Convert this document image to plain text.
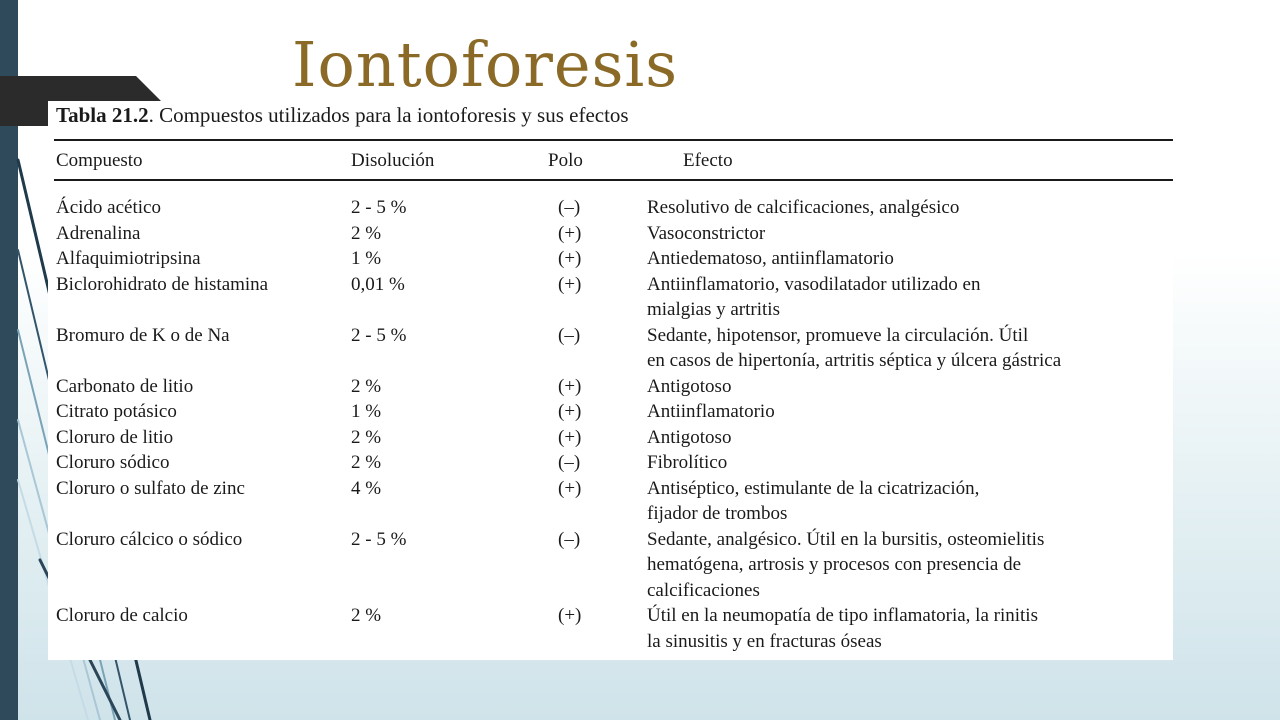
Iontoforesis

Tabla 21.2. Compuestos utilizados para la iontoforesis y sus efectos

Compuesto	Disolución	Polo	Efecto
Ácido acético	2 - 5 %	(–)	Resolutivo de calcificaciones, analgésico
Adrenalina	2 %	(+)	Vasoconstrictor
Alfaquimiotripsina	1 %	(+)	Antiedematoso, antiinflamatorio
Biclorohidrato de histamina	0,01 %	(+)	Antiinflamatorio, vasodilatador utilizado en
mialgias y artritis
Bromuro de K o de Na	2 - 5 %	(–)	Sedante, hipotensor, promueve la circulación. Útil
en casos de hipertonía, artritis séptica y úlcera gástrica
Carbonato de litio	2 %	(+)	Antigotoso
Citrato potásico	1 %	(+)	Antiinflamatorio
Cloruro de litio	2 %	(+)	Antigotoso
Cloruro sódico	2 %	(–)	Fibrolítico
Cloruro o sulfato de zinc	4 %	(+)	Antiséptico, estimulante de la cicatrización,
fijador de trombos
Cloruro cálcico o sódico	2 - 5 %	(–)	Sedante, analgésico. Útil en la bursitis, osteomielitis
hematógena, artrosis y procesos con presencia de
calcificaciones
Cloruro de calcio	2 %	(+)	Útil en la neumopatía de tipo inflamatoria, la rinitis
la sinusitis y en fracturas óseas
